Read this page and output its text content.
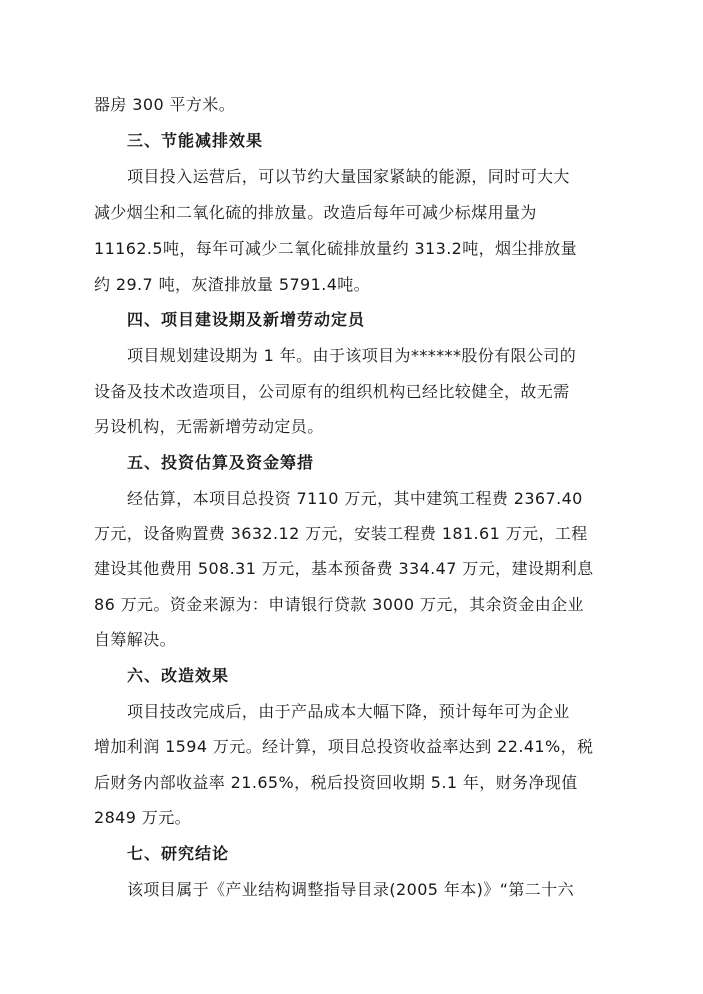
器房 300 平方米。
三、节能减排效果
项目投入运营后，可以节约大量国家紧缺的能源，同时可大大
减少烟尘和二氧化硫的排放量。改造后每年可减少标煤用量为
11162.5吨，每年可减少二氧化硫排放量约 313.2吨，烟尘排放量
约 29.7 吨，灰渣排放量 5791.4吨。
四、项目建设期及新增劳动定员
项目规划建设期为 1 年。由于该项目为******股份有限公司的
设备及技术改造项目，公司原有的组织机构已经比较健全，故无需
另设机构，无需新增劳动定员。
五、投资估算及资金筹措
经估算，本项目总投资 7110 万元，其中建筑工程费 2367.40
万元，设备购置费 3632.12 万元，安装工程费 181.61 万元，工程
建设其他费用 508.31 万元，基本预备费 334.47 万元，建设期利息
86 万元。资金来源为：申请银行贷款 3000 万元，其余资金由企业
自筹解决。
六、改造效果
项目技改完成后，由于产品成本大幅下降，预计每年可为企业
增加利润 1594 万元。经计算，项目总投资收益率达到 22.41%，税
后财务内部收益率 21.65%，税后投资回收期 5.1 年，财务净现值
2849 万元。
七、研究结论
该项目属于《产业结构调整指导目录(2005 年本)》“第二十六
